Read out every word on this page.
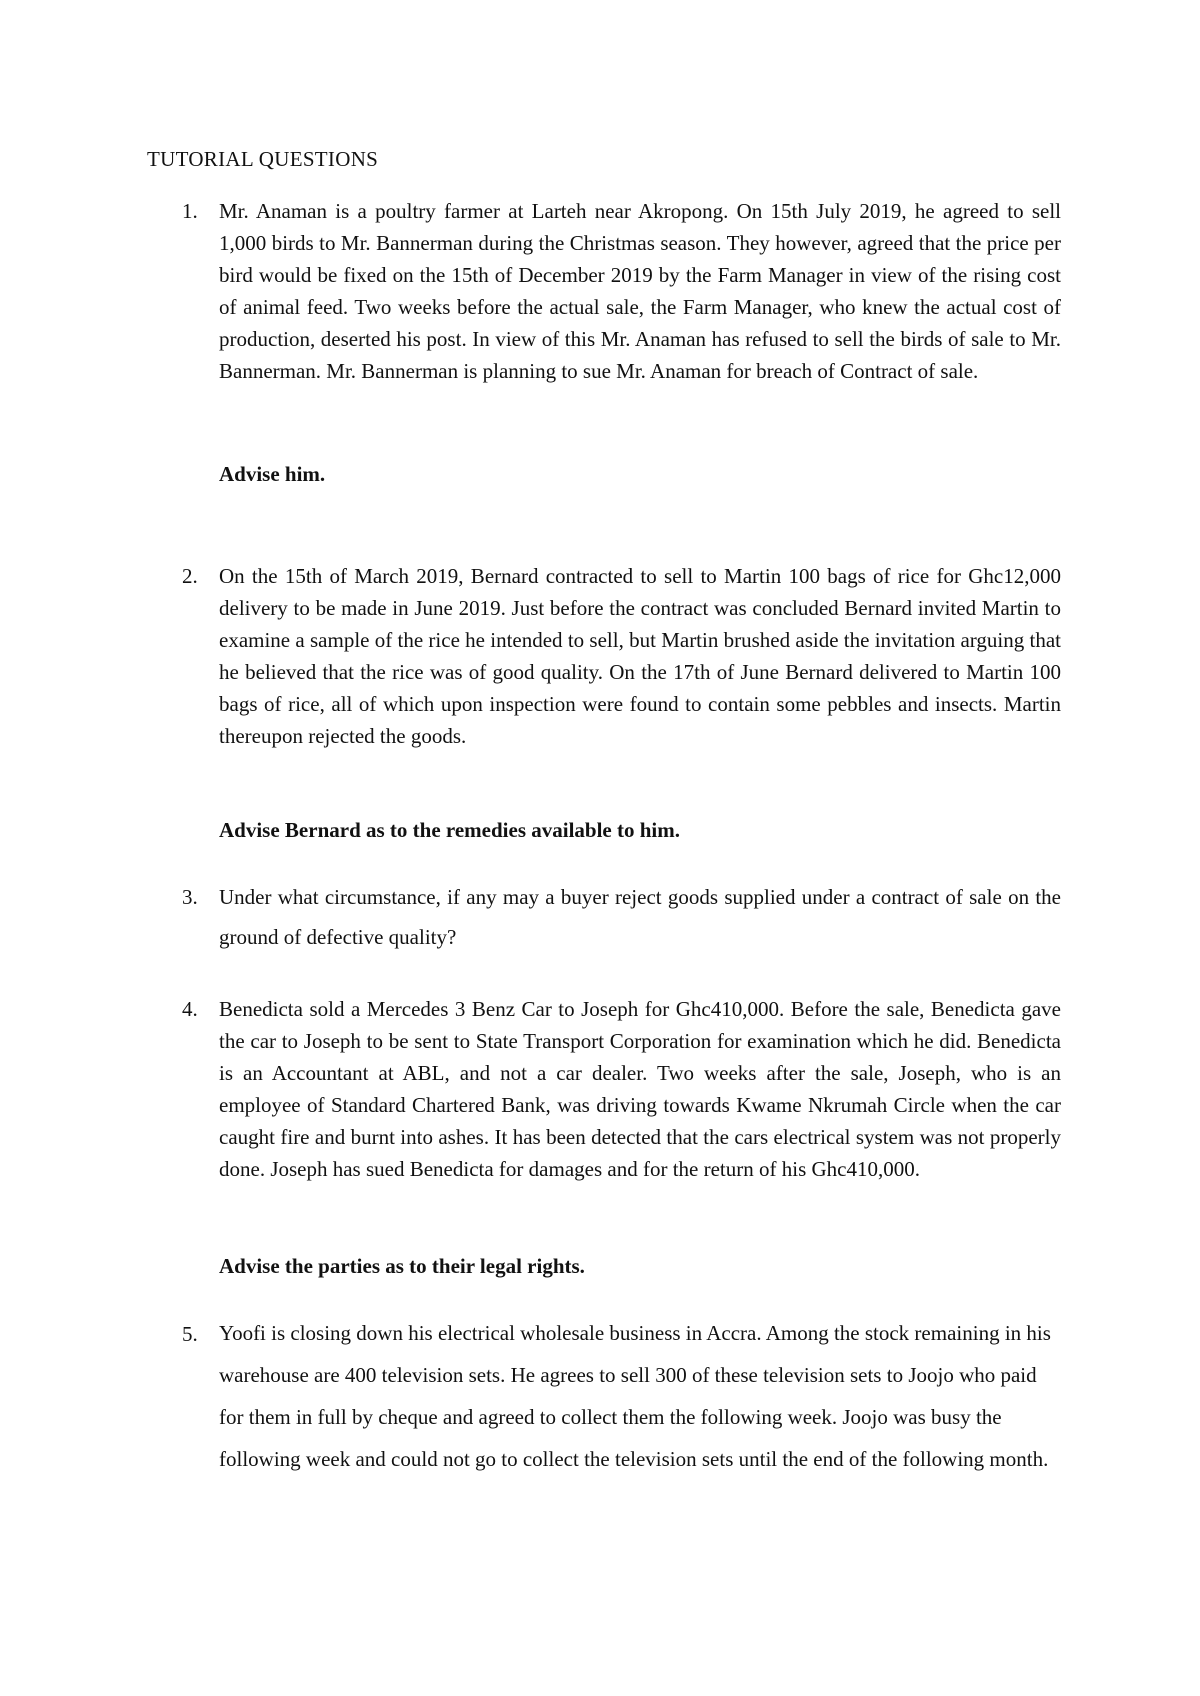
TUTORIAL QUESTIONS
1. Mr. Anaman is a poultry farmer at Larteh near Akropong. On 15th July 2019, he agreed to sell 1,000 birds to Mr. Bannerman during the Christmas season. They however, agreed that the price per bird would be fixed on the 15th of December 2019 by the Farm Manager in view of the rising cost of animal feed. Two weeks before the actual sale, the Farm Manager, who knew the actual cost of production, deserted his post. In view of this Mr. Anaman has refused to sell the birds of sale to Mr. Bannerman. Mr. Bannerman is planning to sue Mr. Anaman for breach of Contract of sale.

Advise him.

2. On the 15th of March 2019, Bernard contracted to sell to Martin 100 bags of rice for Ghc12,000 delivery to be made in June 2019. Just before the contract was concluded Bernard invited Martin to examine a sample of the rice he intended to sell, but Martin brushed aside the invitation arguing that he believed that the rice was of good quality. On the 17th of June Bernard delivered to Martin 100 bags of rice, all of which upon inspection were found to contain some pebbles and insects. Martin thereupon rejected the goods.

Advise Bernard as to the remedies available to him.

3. Under what circumstance, if any may a buyer reject goods supplied under a contract of sale on the ground of defective quality?

4. Benedicta sold a Mercedes 3 Benz Car to Joseph for Ghc410,000. Before the sale, Benedicta gave the car to Joseph to be sent to State Transport Corporation for examination which he did. Benedicta is an Accountant at ABL, and not a car dealer. Two weeks after the sale, Joseph, who is an employee of Standard Chartered Bank, was driving towards Kwame Nkrumah Circle when the car caught fire and burnt into ashes. It has been detected that the cars electrical system was not properly done. Joseph has sued Benedicta for damages and for the return of his Ghc410,000.

Advise the parties as to their legal rights.

5. Yoofi is closing down his electrical wholesale business in Accra. Among the stock remaining in his warehouse are 400 television sets. He agrees to sell 300 of these television sets to Joojo who paid for them in full by cheque and agreed to collect them the following week. Joojo was busy the following week and could not go to collect the television sets until the end of the following month.
